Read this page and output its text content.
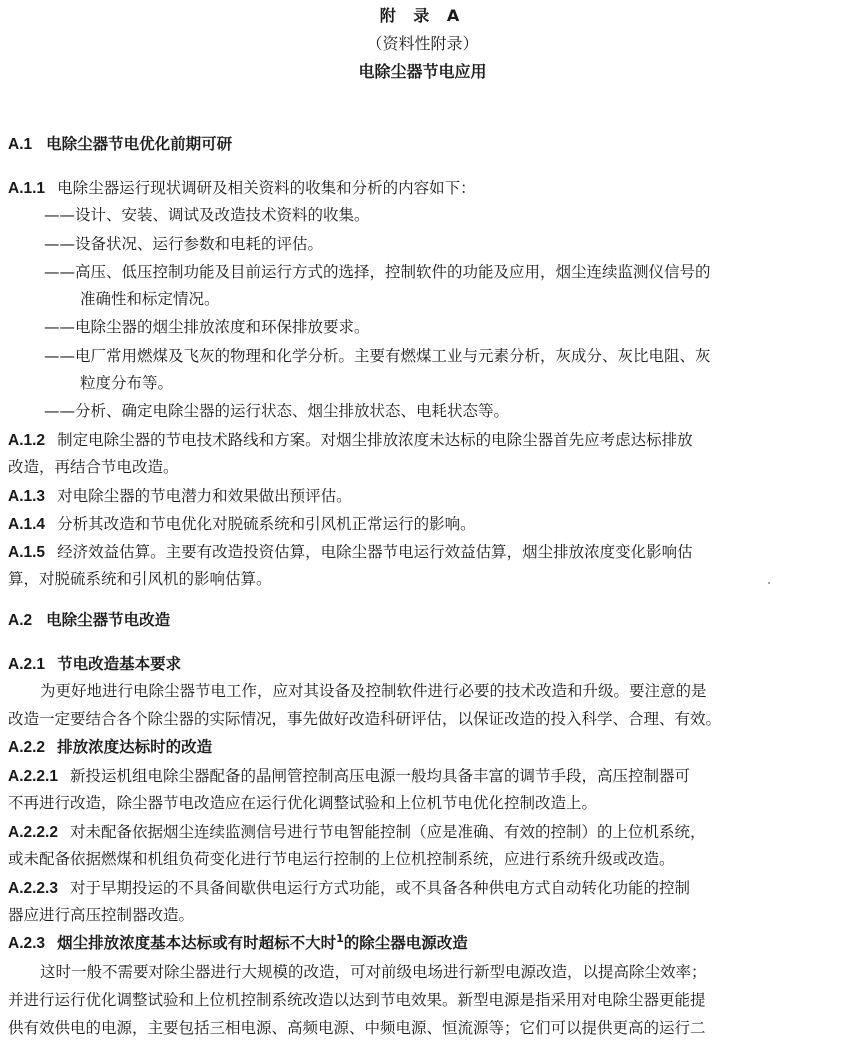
附 录 A
（资料性附录）
电除尘器节电应用
A.1 电除尘器节电优化前期可研
A.1.1 电除尘器运行现状调研及相关资料的收集和分析的内容如下：
——设计、安装、调试及改造技术资料的收集。
——设备状况、运行参数和电耗的评估。
——高压、低压控制功能及目前运行方式的选择，控制软件的功能及应用，烟尘连续监测仪信号的
准确性和标定情况。
——电除尘器的烟尘排放浓度和环保排放要求。
——电厂常用燃煤及飞灰的物理和化学分析。主要有燃煤工业与元素分析，灰成分、灰比电阻、灰
粒度分布等。
——分析、确定电除尘器的运行状态、烟尘排放状态、电耗状态等。
A.1.2 制定电除尘器的节电技术路线和方案。对烟尘排放浓度未达标的电除尘器首先应考虑达标排放
改造，再结合节电改造。
A.1.3 对电除尘器的节电潜力和效果做出预评估。
A.1.4 分析其改造和节电优化对脱硫系统和引风机正常运行的影响。
A.1.5 经济效益估算。主要有改造投资估算，电除尘器节电运行效益估算，烟尘排放浓度变化影响估
算，对脱硫系统和引风机的影响估算。
A.2 电除尘器节电改造
A.2.1 节电改造基本要求
为更好地进行电除尘器节电工作，应对其设备及控制软件进行必要的技术改造和升级。要注意的是
改造一定要结合各个除尘器的实际情况，事先做好改造科研评估，以保证改造的投入科学、合理、有效。
A.2.2 排放浓度达标时的改造
A.2.2.1 新投运机组电除尘器配备的晶闸管控制高压电源一般均具备丰富的调节手段，高压控制器可
不再进行改造，除尘器节电改造应在运行优化调整试验和上位机节电优化控制改造上。
A.2.2.2 对未配备依据烟尘连续监测信号进行节电智能控制（应是准确、有效的控制）的上位机系统，
或未配备依据燃煤和机组负荷变化进行节电运行控制的上位机控制系统，应进行系统升级或改造。
A.2.2.3 对于早期投运的不具备间歇供电运行方式功能，或不具备各种供电方式自动转化功能的控制
器应进行高压控制器改造。
A.2.3 烟尘排放浓度基本达标或有时超标不大时$^1$的除尘器电源改造
这时一般不需要对除尘器进行大规模的改造，可对前级电场进行新型电源改造，以提高除尘效率；
并进行运行优化调整试验和上位机控制系统改造以达到节电效果。新型电源是指采用对电除尘器更能提
供有效供电的电源，主要包括三相电源、高频电源、中频电源、恒流源等；它们可以提供更高的运行二
